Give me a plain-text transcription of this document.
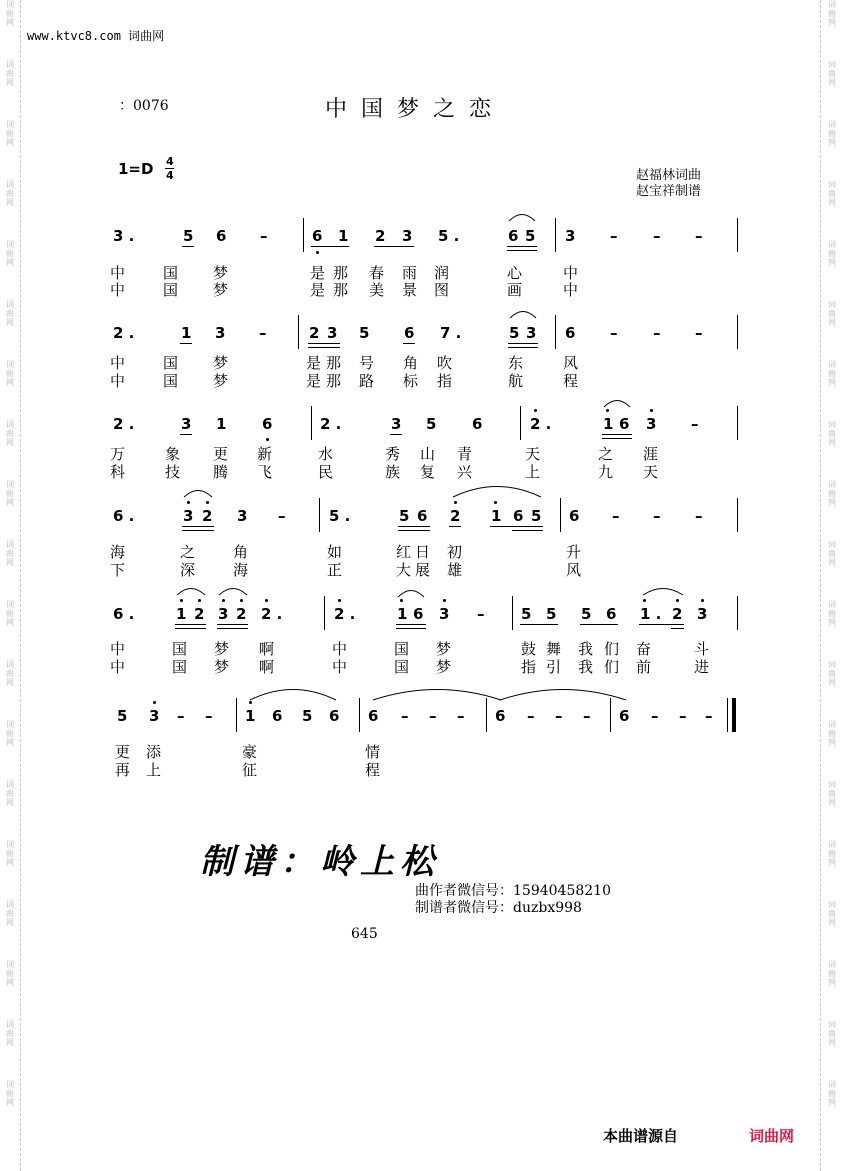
词曲网
词曲网
词曲网
词曲网
词曲网
词曲网
词曲网
词曲网
词曲网
词曲网
词曲网
词曲网
词曲网
词曲网
词曲网
词曲网
词曲网
词曲网
词曲网
词曲网
词曲网
词曲网
词曲网
词曲网
词曲网
词曲网
词曲网
词曲网
词曲网
词曲网
词曲网
词曲网
词曲网
词曲网
词曲网
词曲网
词曲网
词曲网
www.ktvc8.com 词曲网
：0076	中国梦之恋
1=D 4
4	赵福林词曲
赵宝祥制谱
3 .	5 6 –	6 1 2 3 5 .	6 5 3 – – –
中	国 梦	是 那 春 雨 润	心	中
中	国 梦	是 那 美 景 图	画	中
2 .	1 3 –	2 3 5 6 7 .	5 3 6 – – –
中	国 梦	是 那 号 角 吹	东	风
中	国 梦	是 那 路 标 指	航	程
2 .	3 1 6	2 .	3 5 6	2 .	1 6 3 –
万	象 更 新	水	秀 山 青	天	之 涯
科	技 腾 飞	民	族 复 兴	上	九 天
6 .	3 2 3 –	5 .	5 6 2 1 6 5 6 – – –
海	之	角	如	红 日 初	升
下	深	海	正	大 展 雄	风
6 .	1 2 3 2 2 .	2 .	1 6 3 – 5 5 5 6 1 . 2 3
中	国 梦 啊	中	国 梦	鼓 舞 我 们 奋	斗
中	国 梦 啊	中	国 梦	指 引 我 们 前	进
5 3 – – 1 6 5 6 6 – – – 6 – – – 6 – – –
更 添	豪	情
再 上	征	程
制谱：岭上松
曲作者微信号：15940458210
制谱者微信号：duzbx998
645
本曲谱源自	词曲网
